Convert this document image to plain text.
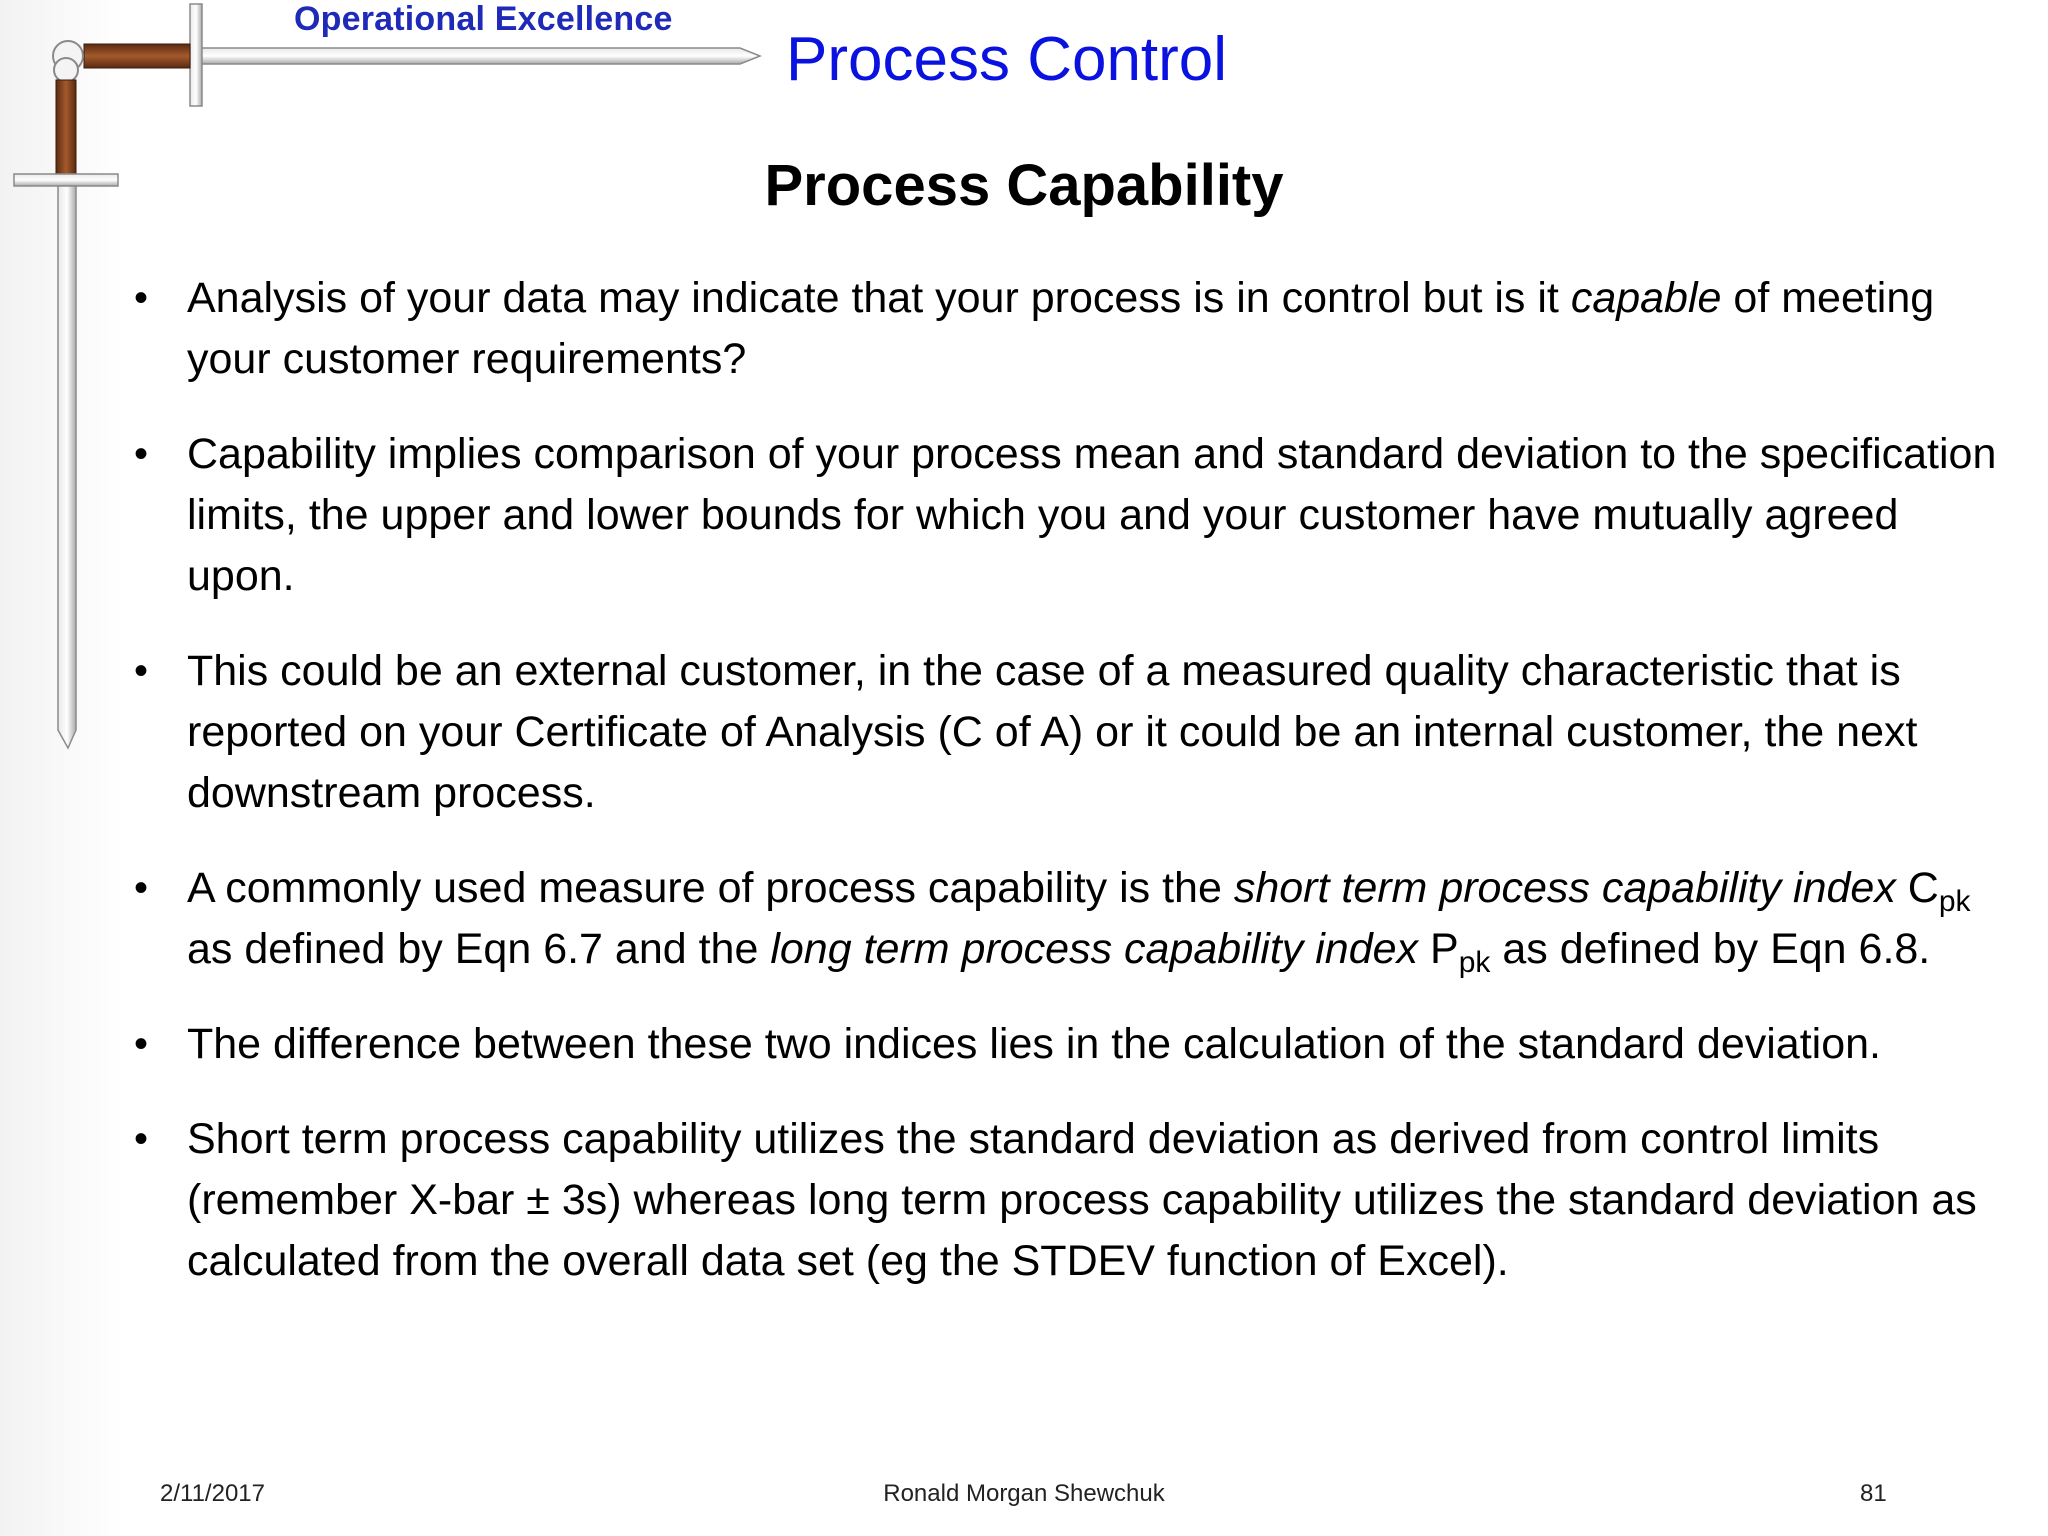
Operational Excellence
Process Control
Process Capability
• Analysis of your data may indicate that your process is in control but is it capable of meeting your customer requirements?
• Capability implies comparison of your process mean and standard deviation to the specification limits, the upper and lower bounds for which you and your customer have mutually agreed upon.
• This could be an external customer, in the case of a measured quality characteristic that is reported on your Certificate of Analysis (C of A) or it could be an internal customer, the next downstream process.
• A commonly used measure of process capability is the short term process capability index $C_{pk}$ as defined by Eqn 6.7 and the long term process capability index $P_{pk}$ as defined by Eqn 6.8.
• The difference between these two indices lies in the calculation of the standard deviation.
• Short term process capability utilizes the standard deviation as derived from control limits (remember X-bar ± 3s) whereas long term process capability utilizes the standard deviation as calculated from the overall data set (eg the STDEV function of Excel).
2/11/2017	Ronald Morgan Shewchuk	81
